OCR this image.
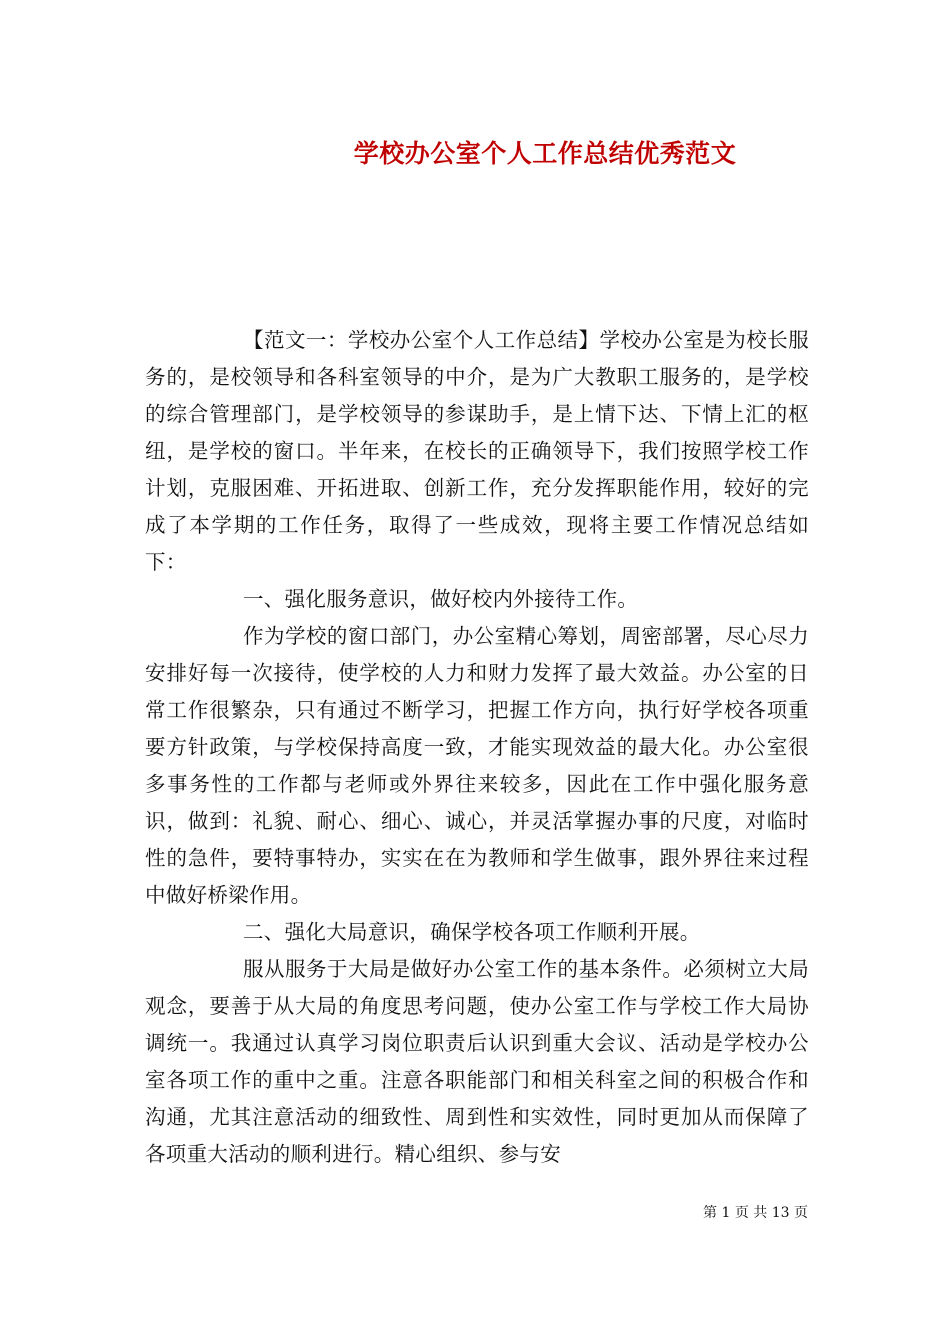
学校办公室个人工作总结优秀范文

【范文一：学校办公室个人工作总结】学校办公室是为校长服务的，是校领导和各科室领导的中介，是为广大教职工服务的，是学校的综合管理部门，是学校领导的参谋助手，是上情下达、下情上汇的枢纽，是学校的窗口。半年来，在校长的正确领导下，我们按照学校工作计划，克服困难、开拓进取、创新工作，充分发挥职能作用，较好的完成了本学期的工作任务，取得了一些成效，现将主要工作情况总结如下：

一、强化服务意识，做好校内外接待工作。

作为学校的窗口部门，办公室精心筹划，周密部署，尽心尽力安排好每一次接待，使学校的人力和财力发挥了最大效益。办公室的日常工作很繁杂，只有通过不断学习，把握工作方向，执行好学校各项重要方针政策，与学校保持高度一致，才能实现效益的最大化。办公室很多事务性的工作都与老师或外界往来较多，因此在工作中强化服务意识，做到：礼貌、耐心、细心、诚心，并灵活掌握办事的尺度，对临时性的急件，要特事特办，实实在在为教师和学生做事，跟外界往来过程中做好桥梁作用。

二、强化大局意识，确保学校各项工作顺利开展。

服从服务于大局是做好办公室工作的基本条件。必须树立大局观念，要善于从大局的角度思考问题，使办公室工作与学校工作大局协调统一。我通过认真学习岗位职责后认识到重大会议、活动是学校办公室各项工作的重中之重。注意各职能部门和相关科室之间的积极合作和沟通，尤其注意活动的细致性、周到性和实效性，同时更加从而保障了各项重大活动的顺利进行。精心组织、参与安

第 1 页 共 13 页
